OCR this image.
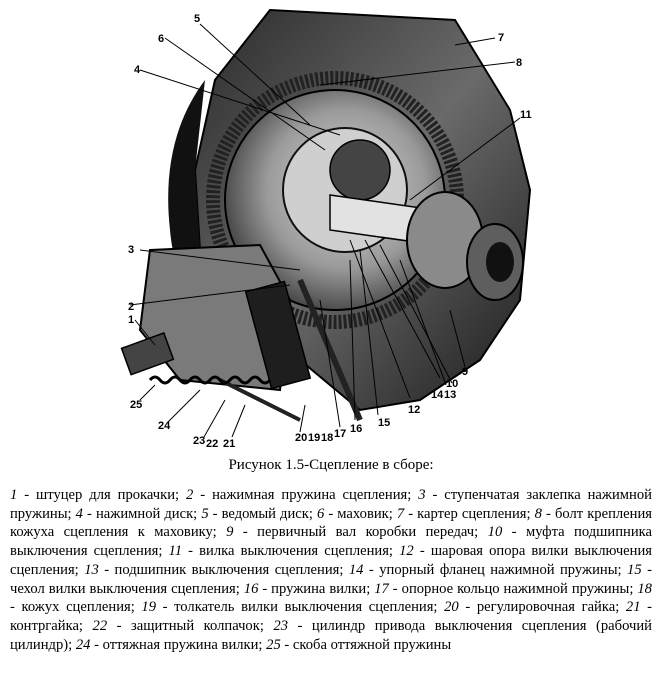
5
6
4
7
8
11
3
2
1
9
10
14 13
12
15
16
25
24
23 22 21	20 19 18 17
Рисунок 1.5-Сцепление в сборе:
1 - штуцер для прокачки; 2 - нажимная пружина сцепления; 3 - ступенчатая заклепка нажимной пружины; 4 - нажимной диск; 5 - ведомый диск; 6 - маховик; 7 - картер сцепления; 8 - болт крепления кожуха сцепления к маховику; 9 - первичный вал коробки передач; 10 - муфта подшипника выключения сцепления; 11 - вилка выключения сцепления; 12 - шаровая опора вилки выключения сцепления; 13 - подшипник выключения сцепления; 14 - упорный фланец нажимной пружины; 15 - чехол вилки выключения сцепления; 16 - пружина вилки; 17 - опорное кольцо нажимной пружины; 18 - кожух сцепления; 19 - толкатель вилки выключения сцепления; 20 - регулировочная гайка; 21 - контргайка; 22 - защитный колпачок; 23 - цилиндр привода выключения сцепления (рабочий цилиндр); 24 - оттяжная пружина вилки; 25 - скоба оттяжной пружины
